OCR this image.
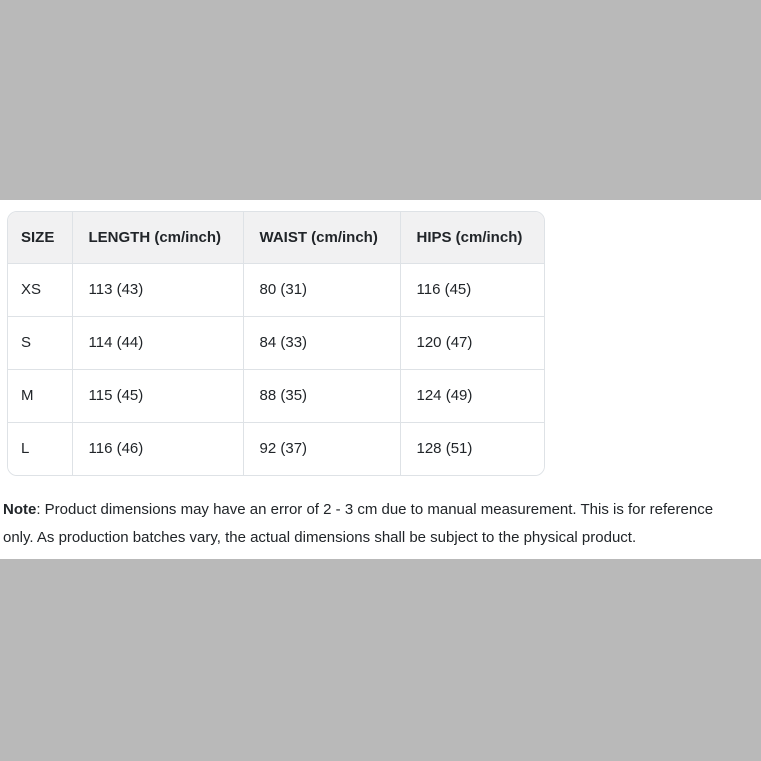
SIZE	LENGTH (cm/inch)	WAIST (cm/inch)	HIPS (cm/inch)
XS	113 (43)	80 (31)	116 (45)
S	114 (44)	84 (33)	120 (47)
M	115 (45)	88 (35)	124 (49)
L	116 (46)	92 (37)	128 (51)

Note: Product dimensions may have an error of 2 - 3 cm due to manual measurement. This is for reference
only. As production batches vary, the actual dimensions shall be subject to the physical product.
